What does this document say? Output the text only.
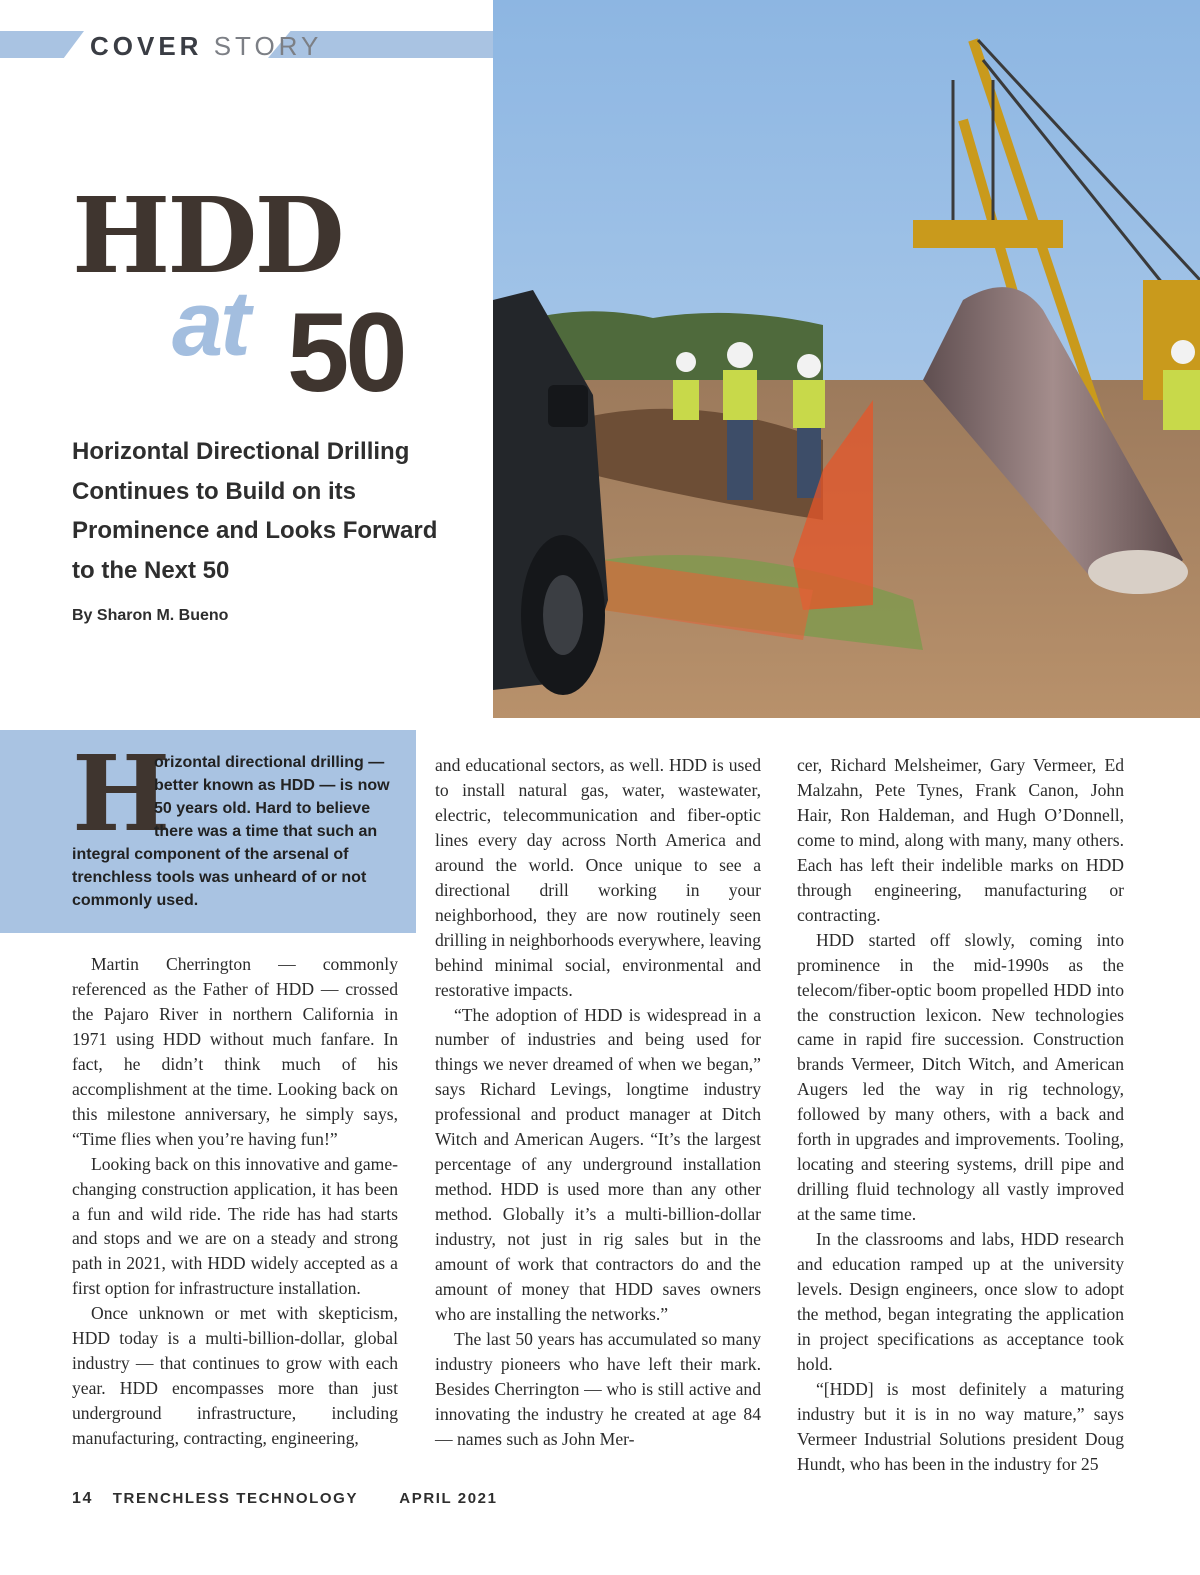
COVER STORY
HDD
at 50
Horizontal Directional Drilling Continues to Build on its Prominence and Looks Forward to the Next 50
By Sharon M. Bueno
H
orizontal directional drilling — better known as HDD — is now 50 years old. Hard to believe there was a time that such an integral component of the arsenal of trenchless tools was unheard of or not commonly used.

Martin Cherrington — commonly referenced as the Father of HDD — crossed the Pajaro River in northern California in 1971 using HDD without much fanfare. In fact, he didn’t think much of his accomplishment at the time. Looking back on this milestone anniversary, he simply says, “Time flies when you’re having fun!”

Looking back on this innovative and game-changing construction application, it has been a fun and wild ride. The ride has had starts and stops and we are on a steady and strong path in 2021, with HDD widely accepted as a first option for infrastructure installation.

Once unknown or met with skepticism, HDD today is a multi-billion-dollar, global industry — that continues to grow with each year. HDD encompasses more than just underground infrastructure, including manufacturing, contracting, engineering,

and educational sectors, as well. HDD is used to install natural gas, water, wastewater, electric, telecommunication and fiber-optic lines every day across North America and around the world. Once unique to see a directional drill working in your neighborhood, they are now routinely seen drilling in neighborhoods everywhere, leaving behind minimal social, environmental and restorative impacts.

“The adoption of HDD is widespread in a number of industries and being used for things we never dreamed of when we began,” says Richard Levings, longtime industry professional and product manager at Ditch Witch and American Augers. “It’s the largest percentage of any underground installation method. HDD is used more than any other method. Globally it’s a multi-billion-dollar industry, not just in rig sales but in the amount of work that contractors do and the amount of money that HDD saves owners who are installing the networks.”

The last 50 years has accumulated so many industry pioneers who have left their mark. Besides Cherrington — who is still active and innovating the industry he created at age 84 — names such as John Mer-

cer, Richard Melsheimer, Gary Vermeer, Ed Malzahn, Pete Tynes, Frank Canon, John Hair, Ron Haldeman, and Hugh O’Donnell, come to mind, along with many, many others. Each has left their indelible marks on HDD through engineering, manufacturing or contracting.

HDD started off slowly, coming into prominence in the mid-1990s as the telecom/fiber-optic boom propelled HDD into the construction lexicon. New technologies came in rapid fire succession. Construction brands Vermeer, Ditch Witch, and American Augers led the way in rig technology, followed by many others, with a back and forth in upgrades and improvements. Tooling, locating and steering systems, drill pipe and drilling fluid technology all vastly improved at the same time.

In the classrooms and labs, HDD research and education ramped up at the university levels. Design engineers, once slow to adopt the method, began integrating the application in project specifications as acceptance took hold.

“[HDD] is most definitely a maturing industry but it is in no way mature,” says Vermeer Industrial Solutions president Doug Hundt, who has been in the industry for 25

14 TRENCHLESS TECHNOLOGY	APRIL 2021
